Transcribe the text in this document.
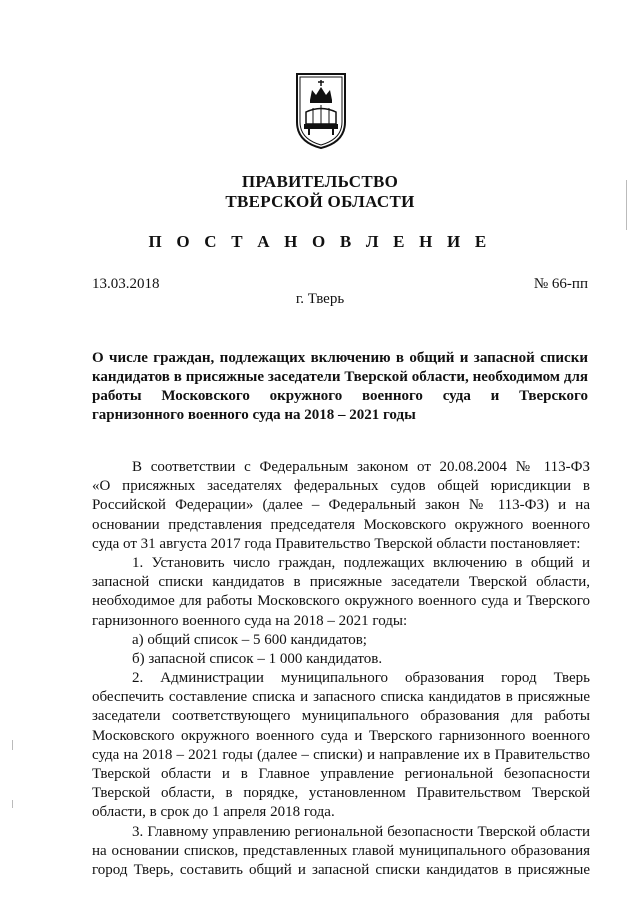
ПРАВИТЕЛЬСТВО
ТВЕРСКОЙ ОБЛАСТИ
П О С Т А Н О В Л Е Н И Е
13.03.2018	№ 66-пп
г. Тверь
О числе граждан, подлежащих включению в общий и запасной списки
кандидатов в присяжные заседатели Тверской области, необходимом для
работы Московского окружного военного суда и Тверского
гарнизонного военного суда на 2018 – 2021 годы
В соответствии с Федеральным законом от 20.08.2004 № 113-ФЗ
«О присяжных заседателях федеральных судов общей юрисдикции в
Российской Федерации» (далее – Федеральный закон № 113-ФЗ) и на
основании представления председателя Московского окружного военного
суда от 31 августа 2017 года Правительство Тверской области постановляет:
1. Установить число граждан, подлежащих включению в общий и
запасной списки кандидатов в присяжные заседатели Тверской области,
необходимое для работы Московского окружного военного суда и Тверского
гарнизонного военного суда на 2018 – 2021 годы:
а) общий список – 5 600 кандидатов;
б) запасной список – 1 000 кандидатов.
2. Администрации муниципального образования город Тверь
обеспечить составление списка и запасного списка кандидатов в присяжные
заседатели соответствующего муниципального образования для работы
Московского окружного военного суда и Тверского гарнизонного военного
суда на 2018 – 2021 годы (далее – списки) и направление их в Правительство
Тверской области и в Главное управление региональной безопасности
Тверской области, в порядке, установленном Правительством Тверской
области, в срок до 1 апреля 2018 года.
3. Главному управлению региональной безопасности Тверской области
на основании списков, представленных главой муниципального образования
город Тверь, составить общий и запасной списки кандидатов в присяжные
